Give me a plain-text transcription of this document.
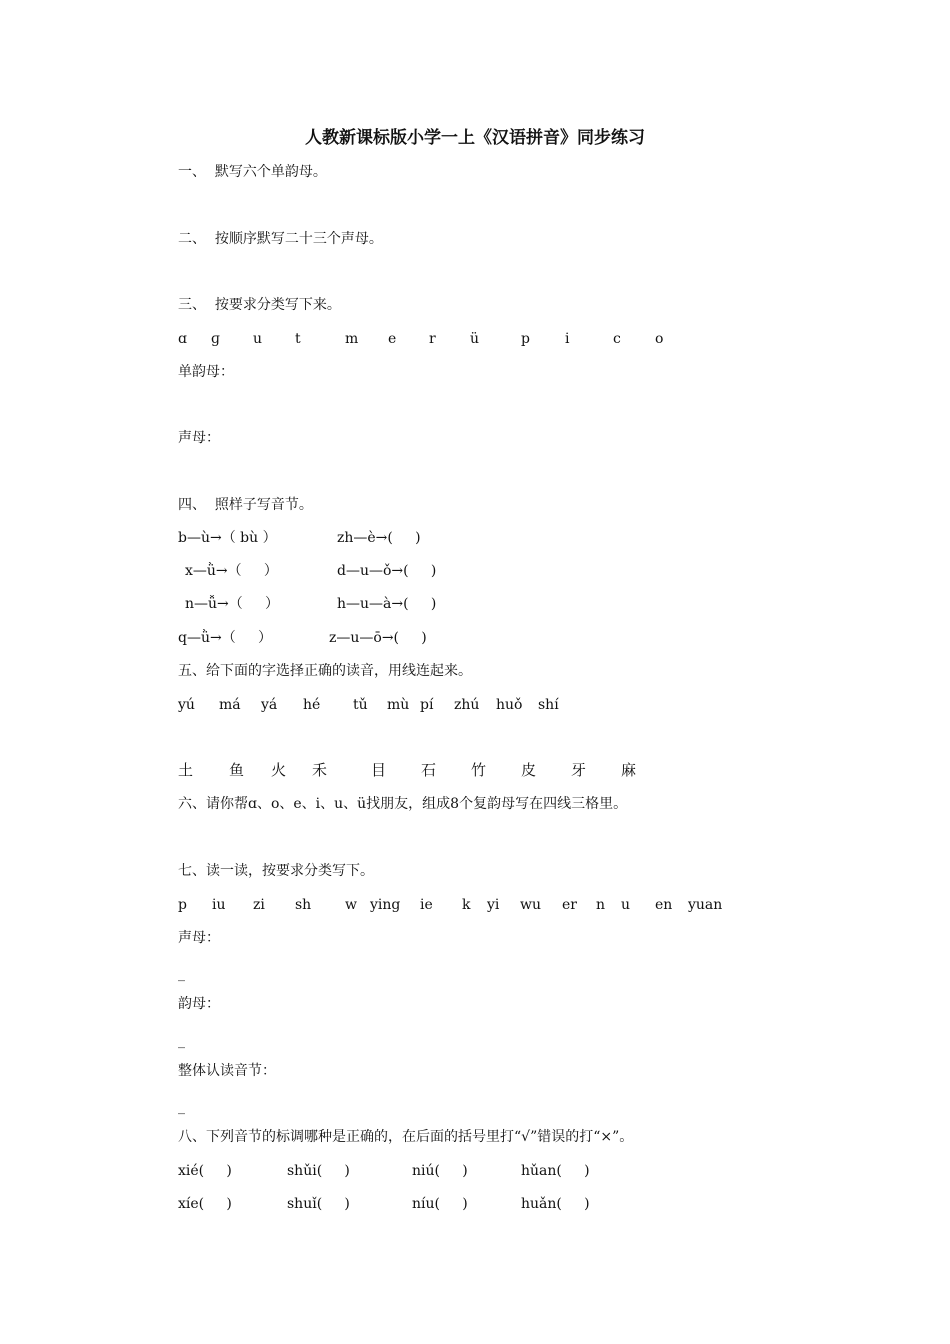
人教新课标版小学一上《汉语拼音》同步练习
一、  默写六个单韵母。
二、  按顺序默写二十三个声母。
三、  按要求分类写下来。
ɑ ɡ u t	m e r ü	p	i	c o
单韵母：
声母：
四、  照样子写音节。
b—ù→（ bù ）	zh—è→(     )
x—ǜ→（     ）	d—u—ǒ→(     )
n—ǚ→（     ）	h—u—à→(     )
q—ǜ→（     ）	z—u—ō→(     )
五、给下面的字选择正确的读音，用线连起来。
yú má yá hé tǔ mù pí zhú huǒ shí
土 鱼 火 禾	目 石 竹 皮 牙 麻
六、请你帮ɑ、o、e、i、u、ü找朋友，组成8个复韵母写在四线三格里。
七、读一读，按要求分类写下。
p iu zi sh w ying ie k yi wu er n u en yuan
声母：
_
韵母：
_
整体认读音节：
_
八、下列音节的标调哪种是正确的，在后面的括号里打“√”错误的打“×”。
xié(     )	shǔi(     )	niú(     )	hǔan(     )
xíe(     )	shuǐ(     )	níu(     )	huǎn(     )
